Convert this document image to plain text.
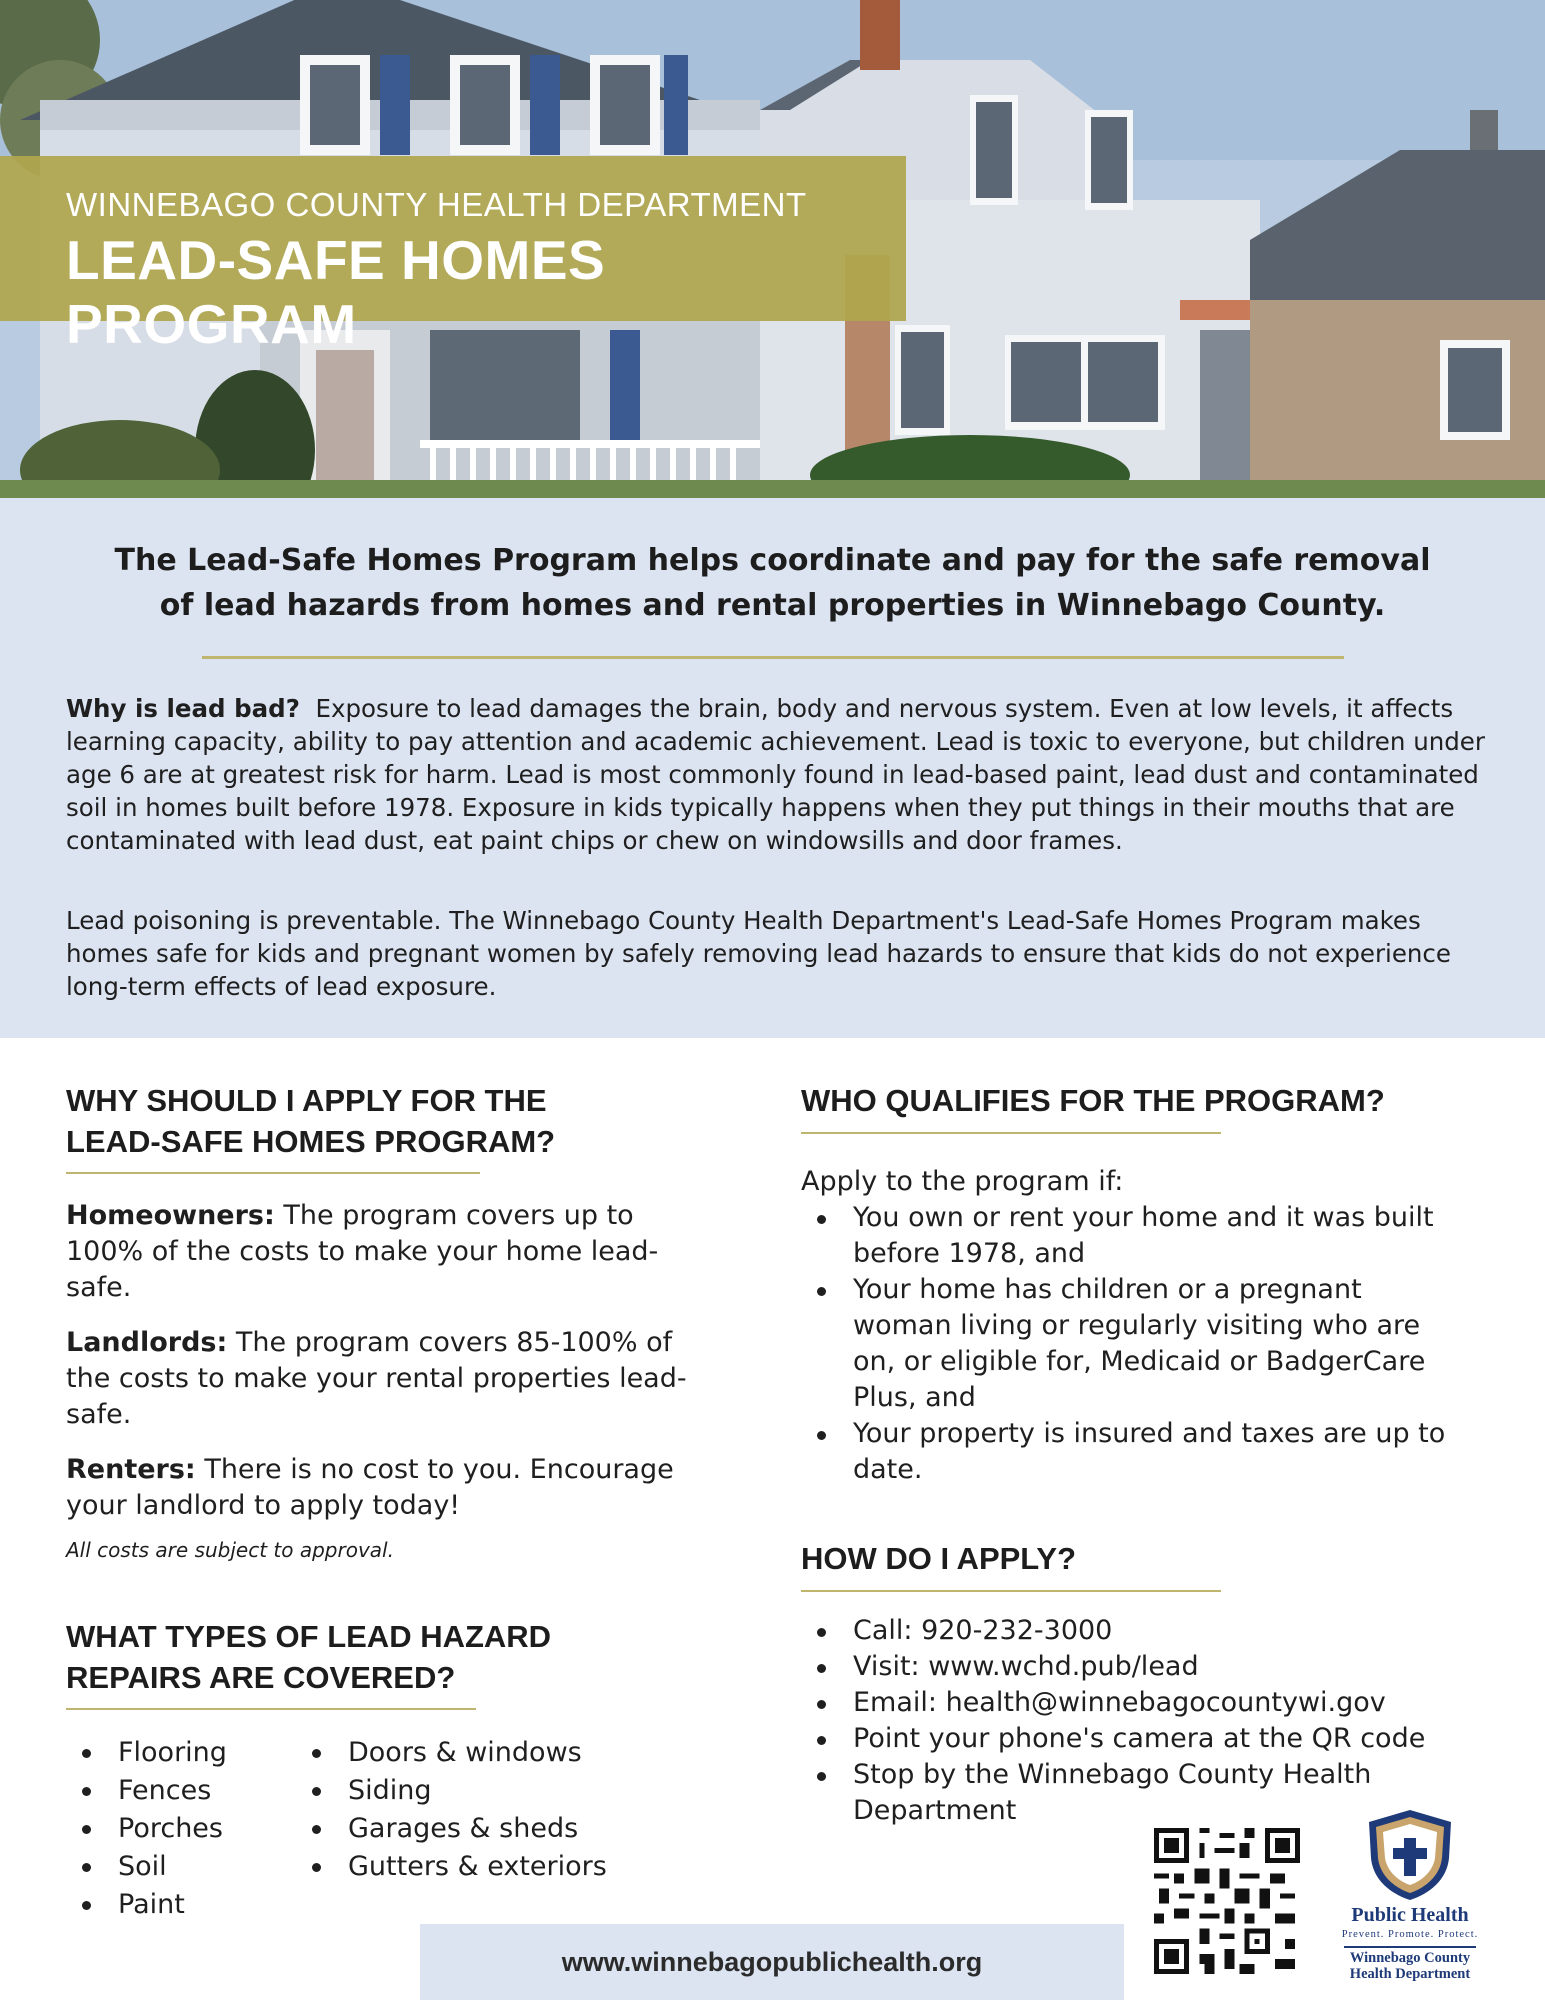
WINNEBAGO COUNTY HEALTH DEPARTMENT
LEAD-SAFE HOMES PROGRAM
The Lead-Safe Homes Program helps coordinate and pay for the safe removal
of lead hazards from homes and rental properties in Winnebago County.

Why is lead bad? Exposure to lead damages the brain, body and nervous system. Even at low levels, it affects learning capacity, ability to pay attention and academic achievement. Lead is toxic to everyone, but children under age 6 are at greatest risk for harm. Lead is most commonly found in lead-based paint, lead dust and contaminated soil in homes built before 1978. Exposure in kids typically happens when they put things in their mouths that are contaminated with lead dust, eat paint chips or chew on windowsills and door frames.

Lead poisoning is preventable. The Winnebago County Health Department's Lead-Safe Homes Program makes homes safe for kids and pregnant women by safely removing lead hazards to ensure that kids do not experience long-term effects of lead exposure.

WHY SHOULD I APPLY FOR THE
LEAD-SAFE HOMES PROGRAM?
Homeowners: The program covers up to 100% of the costs to make your home lead-safe.
Landlords: The program covers 85-100% of the costs to make your rental properties lead-safe.
Renters: There is no cost to you. Encourage your landlord to apply today!
All costs are subject to approval.
WHAT TYPES OF LEAD HAZARD
REPAIRS ARE COVERED?
Flooring
Fences
Porches
Soil
Paint
Doors & windows
Siding
Garages & sheds
Gutters & exteriors
WHO QUALIFIES FOR THE PROGRAM?
Apply to the program if:
You own or rent your home and it was built before 1978, and
Your home has children or a pregnant woman living or regularly visiting who are on, or eligible for, Medicaid or BadgerCare Plus, and
Your property is insured and taxes are up to date.
HOW DO I APPLY?
Call: 920-232-3000
Visit: www.wchd.pub/lead
Email: health@winnebagocountywi.gov
Point your phone's camera at the QR code
Stop by the Winnebago County Health Department
www.winnebagopublichealth.org
Public Health
Prevent. Promote. Protect.
Winnebago County
Health Department
